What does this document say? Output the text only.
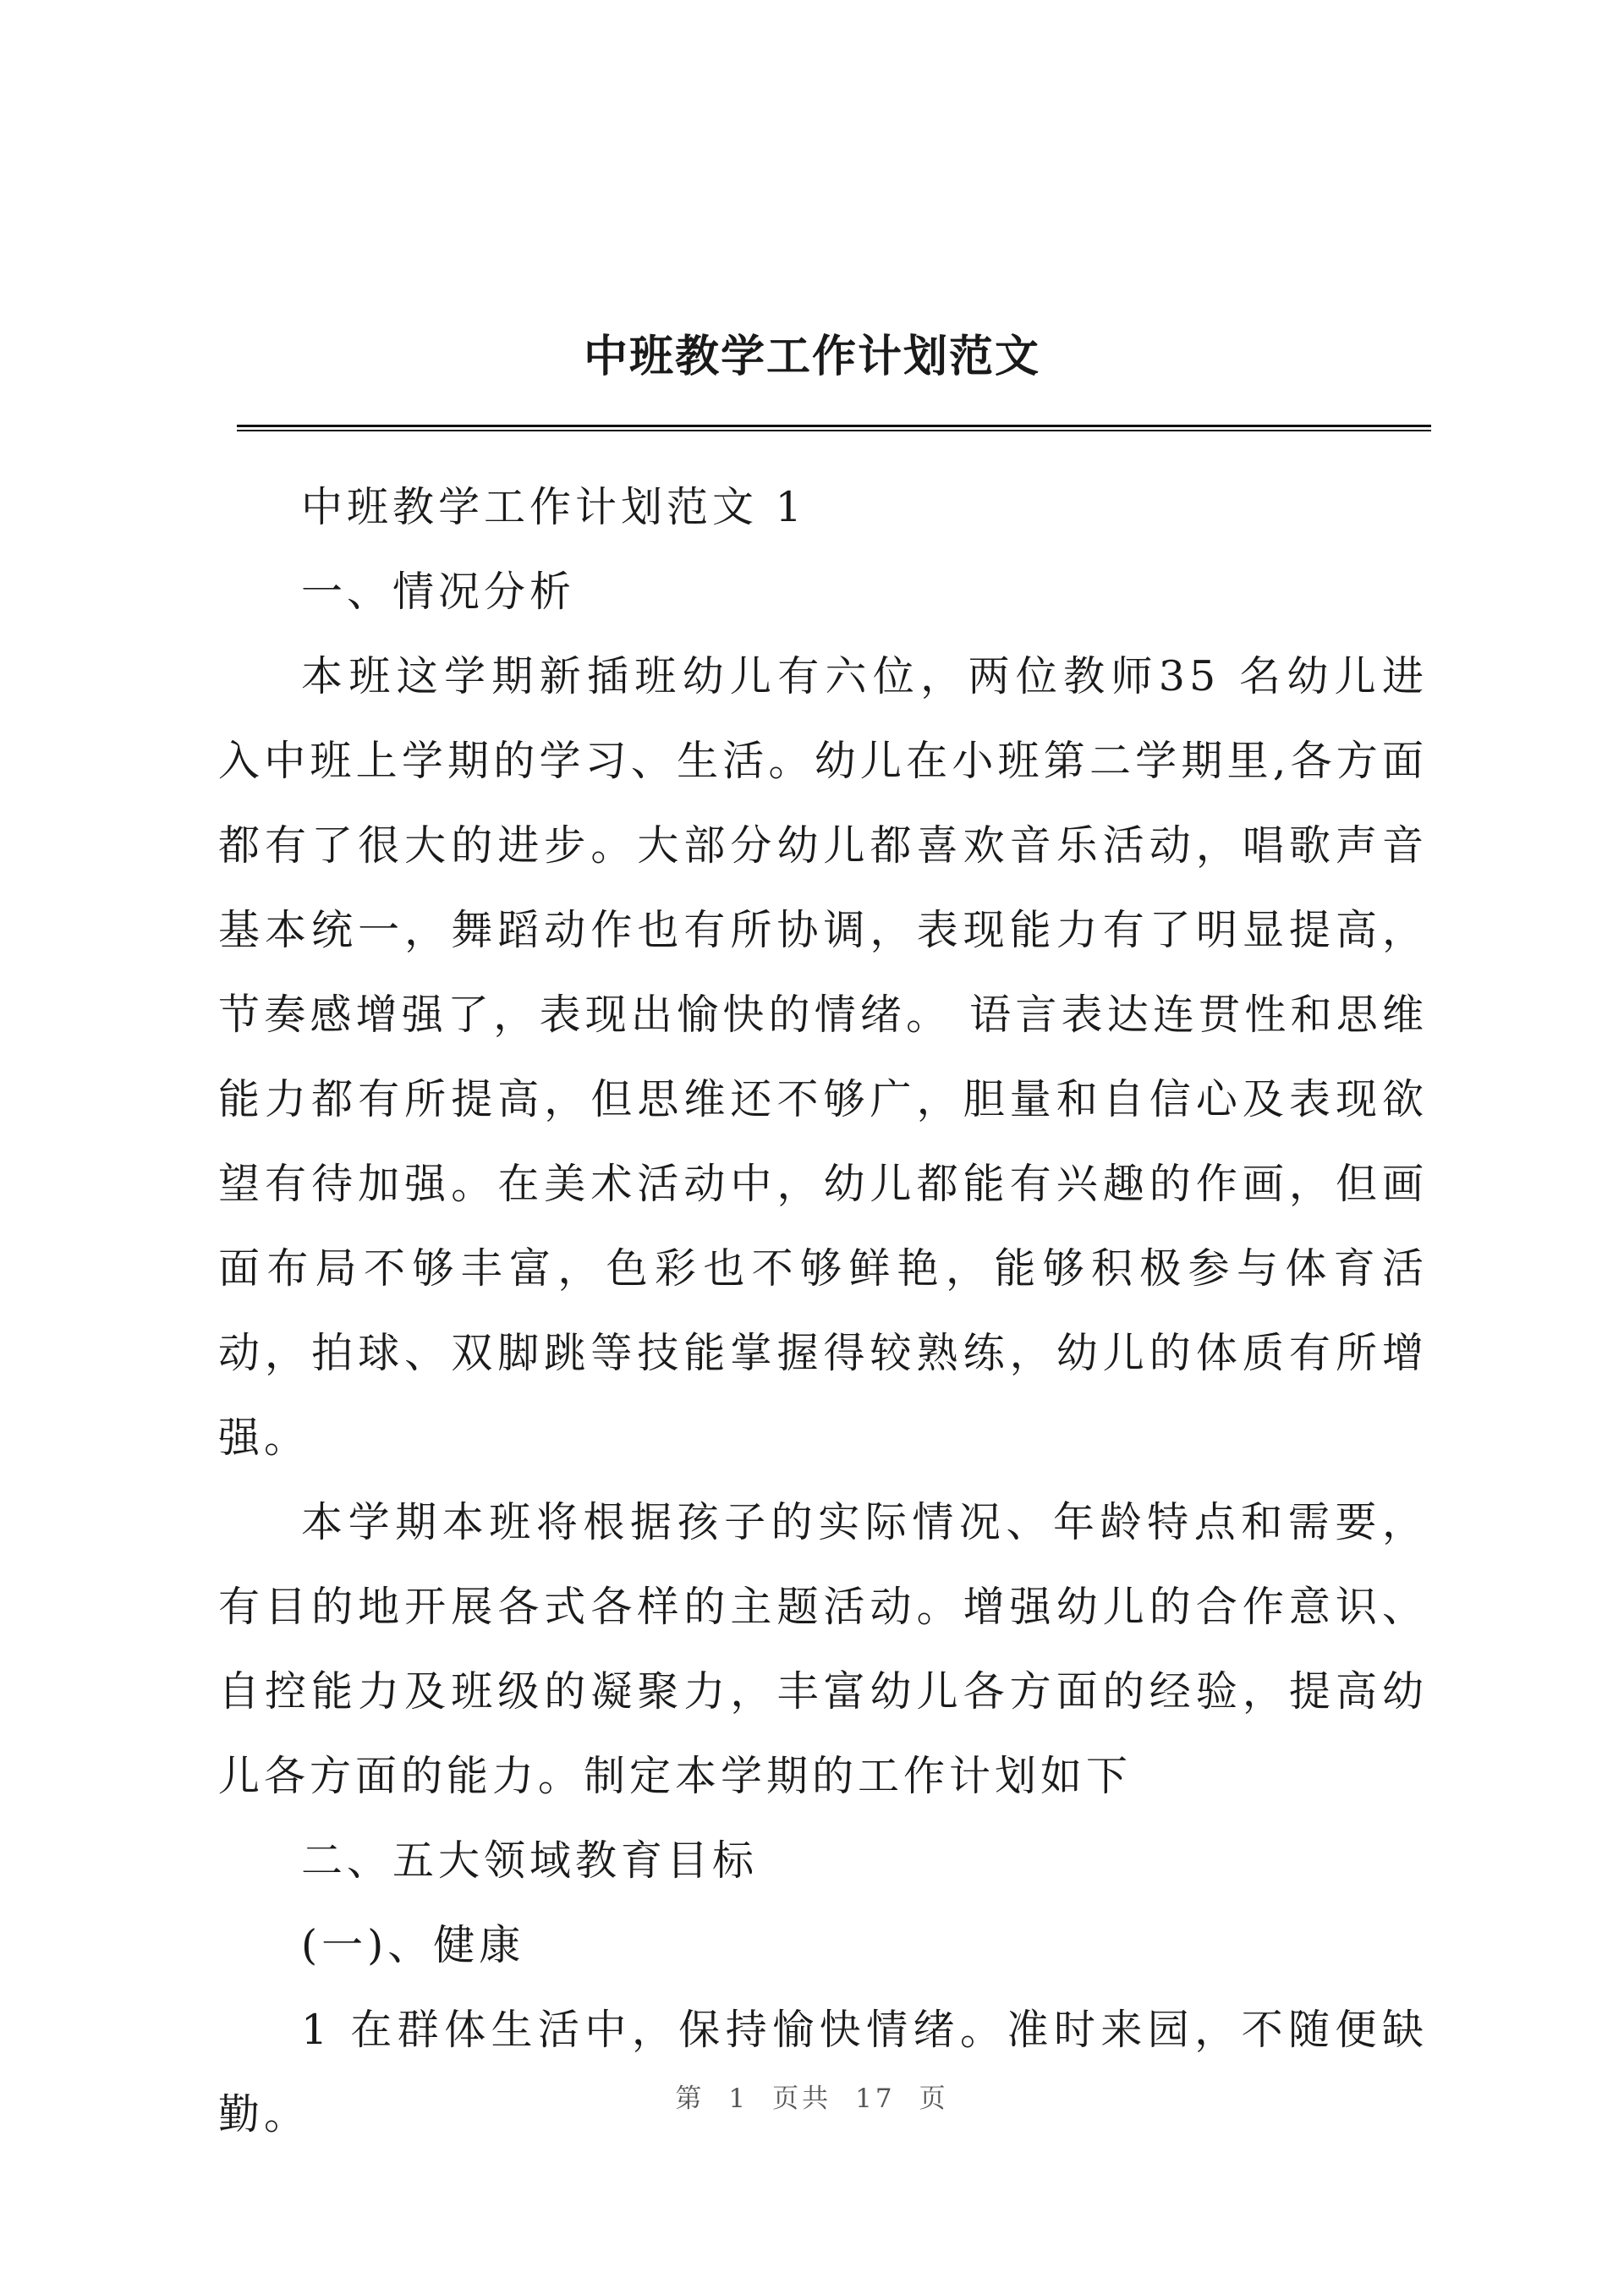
中班教学工作计划范文

中班教学工作计划范文 1

一、情况分析

本班这学期新插班幼儿有六位，两位教师35 名幼儿进入中班上学期的学习、生活。幼儿在小班第二学期里,各方面都有了很大的进步。大部分幼儿都喜欢音乐活动，唱歌声音基本统一，舞蹈动作也有所协调，表现能力有了明显提高，节奏感增强了，表现出愉快的情绪。 语言表达连贯性和思维能力都有所提高，但思维还不够广，胆量和自信心及表现欲望有待加强。在美术活动中，幼儿都能有兴趣的作画，但画面布局不够丰富，色彩也不够鲜艳，能够积极参与体育活动，拍球、双脚跳等技能掌握得较熟练，幼儿的体质有所增强。

本学期本班将根据孩子的实际情况、年龄特点和需要，有目的地开展各式各样的主题活动。增强幼儿的合作意识、自控能力及班级的凝聚力，丰富幼儿各方面的经验，提高幼儿各方面的能力。制定本学期的工作计划如下

二、五大领域教育目标

(一)、健康

1 在群体生活中，保持愉快情绪。准时来园，不随便缺勤。	第 1 页共 17 页
